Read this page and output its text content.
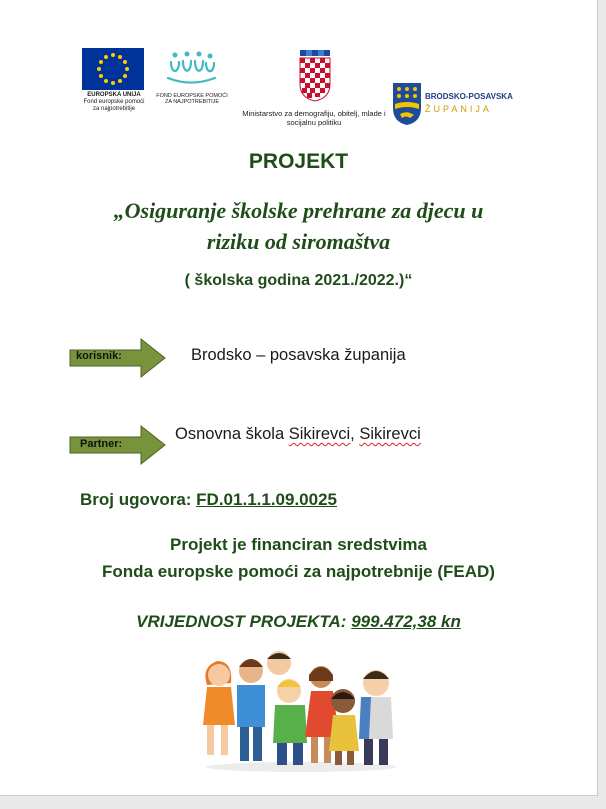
EUROPSKA UNIJA
Fond europske pomoći
za najpotrebitije
FOND EUROPSKE POMOĆI
ZA NAJPOTREBITIJE
Ministarstvo za demografiju, obitelj, mlade i
socijalnu politiku
BRODSKO-POSAVSKA
ŽUPANIJA
PROJEKT
„Osiguranje školske prehrane za djecu u
riziku od siromaštva
( školska godina 2021./2022.)“
korisnik:	Brodsko – posavska županija
Partner:
Osnovna škola Sikirevci, Sikirevci
Broj ugovora: FD.01.1.1.09.0025
Projekt je financiran sredstvima
Fonda europske pomoći za najpotrebnije (FEAD)
VRIJEDNOST PROJEKTA: 999.472,38 kn
